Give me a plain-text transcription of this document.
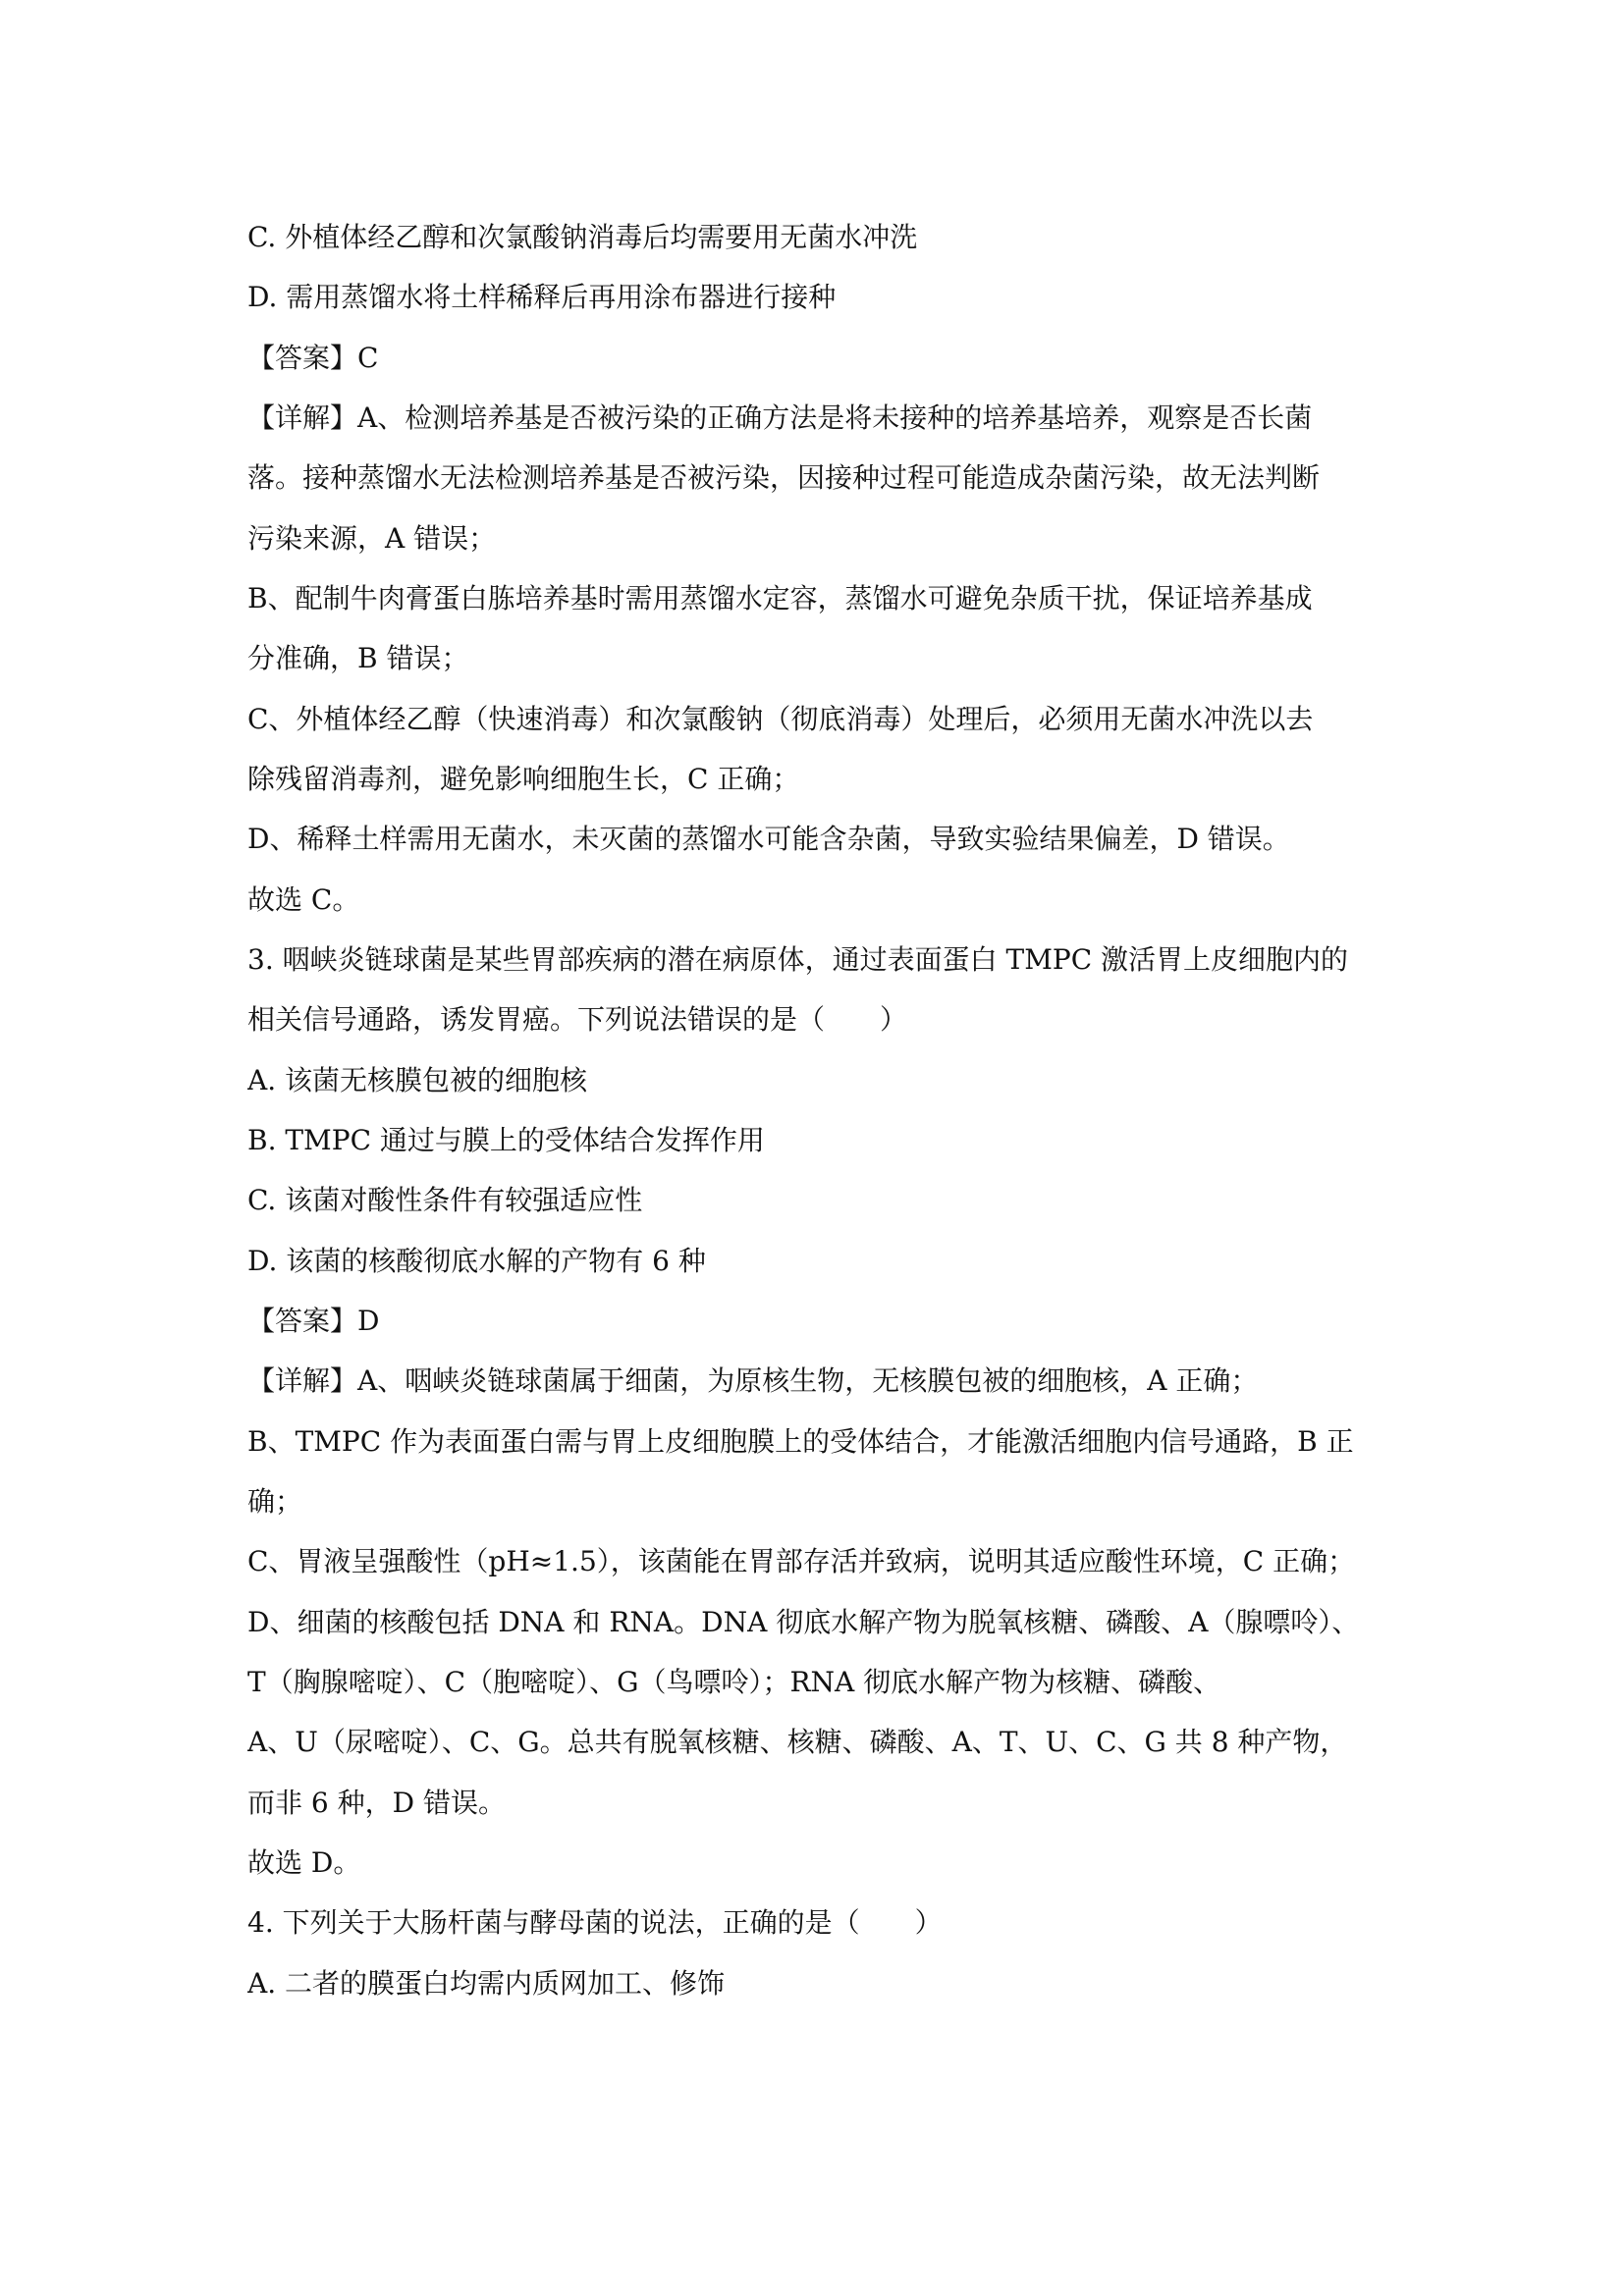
C. 外植体经乙醇和次氯酸钠消毒后均需要用无菌水冲洗
D. 需用蒸馏水将土样稀释后再用涂布器进行接种
【答案】C
【详解】A、检测培养基是否被污染的正确方法是将未接种的培养基培养，观察是否长菌
落。接种蒸馏水无法检测培养基是否被污染，因接种过程可能造成杂菌污染，故无法判断
污染来源，A 错误；
B、配制牛肉膏蛋白胨培养基时需用蒸馏水定容，蒸馏水可避免杂质干扰，保证培养基成
分准确，B 错误；
C、外植体经乙醇（快速消毒）和次氯酸钠（彻底消毒）处理后，必须用无菌水冲洗以去
除残留消毒剂，避免影响细胞生长，C 正确；
D、稀释土样需用无菌水，未灭菌的蒸馏水可能含杂菌，导致实验结果偏差，D 错误。
故选 C。
3. 咽峡炎链球菌是某些胃部疾病的潜在病原体，通过表面蛋白 TMPC 激活胃上皮细胞内的
相关信号通路，诱发胃癌。下列说法错误的是（　　）
A. 该菌无核膜包被的细胞核
B. TMPC 通过与膜上的受体结合发挥作用
C. 该菌对酸性条件有较强适应性
D. 该菌的核酸彻底水解的产物有 6 种
【答案】D
【详解】A、咽峡炎链球菌属于细菌，为原核生物，无核膜包被的细胞核，A 正确；
B、TMPC 作为表面蛋白需与胃上皮细胞膜上的受体结合，才能激活细胞内信号通路，B 正
确；
C、胃液呈强酸性（pH≈1.5），该菌能在胃部存活并致病，说明其适应酸性环境，C 正确；
D、细菌的核酸包括 DNA 和 RNA。DNA 彻底水解产物为脱氧核糖、磷酸、A（腺嘌呤）、
T（胸腺嘧啶）、C（胞嘧啶）、G（鸟嘌呤）；RNA 彻底水解产物为核糖、磷酸、
A、U（尿嘧啶）、C、G。总共有脱氧核糖、核糖、磷酸、A、T、U、C、G 共 8 种产物，
而非 6 种，D 错误。
故选 D。
4. 下列关于大肠杆菌与酵母菌的说法，正确的是（　　）
A. 二者的膜蛋白均需内质网加工、修饰
